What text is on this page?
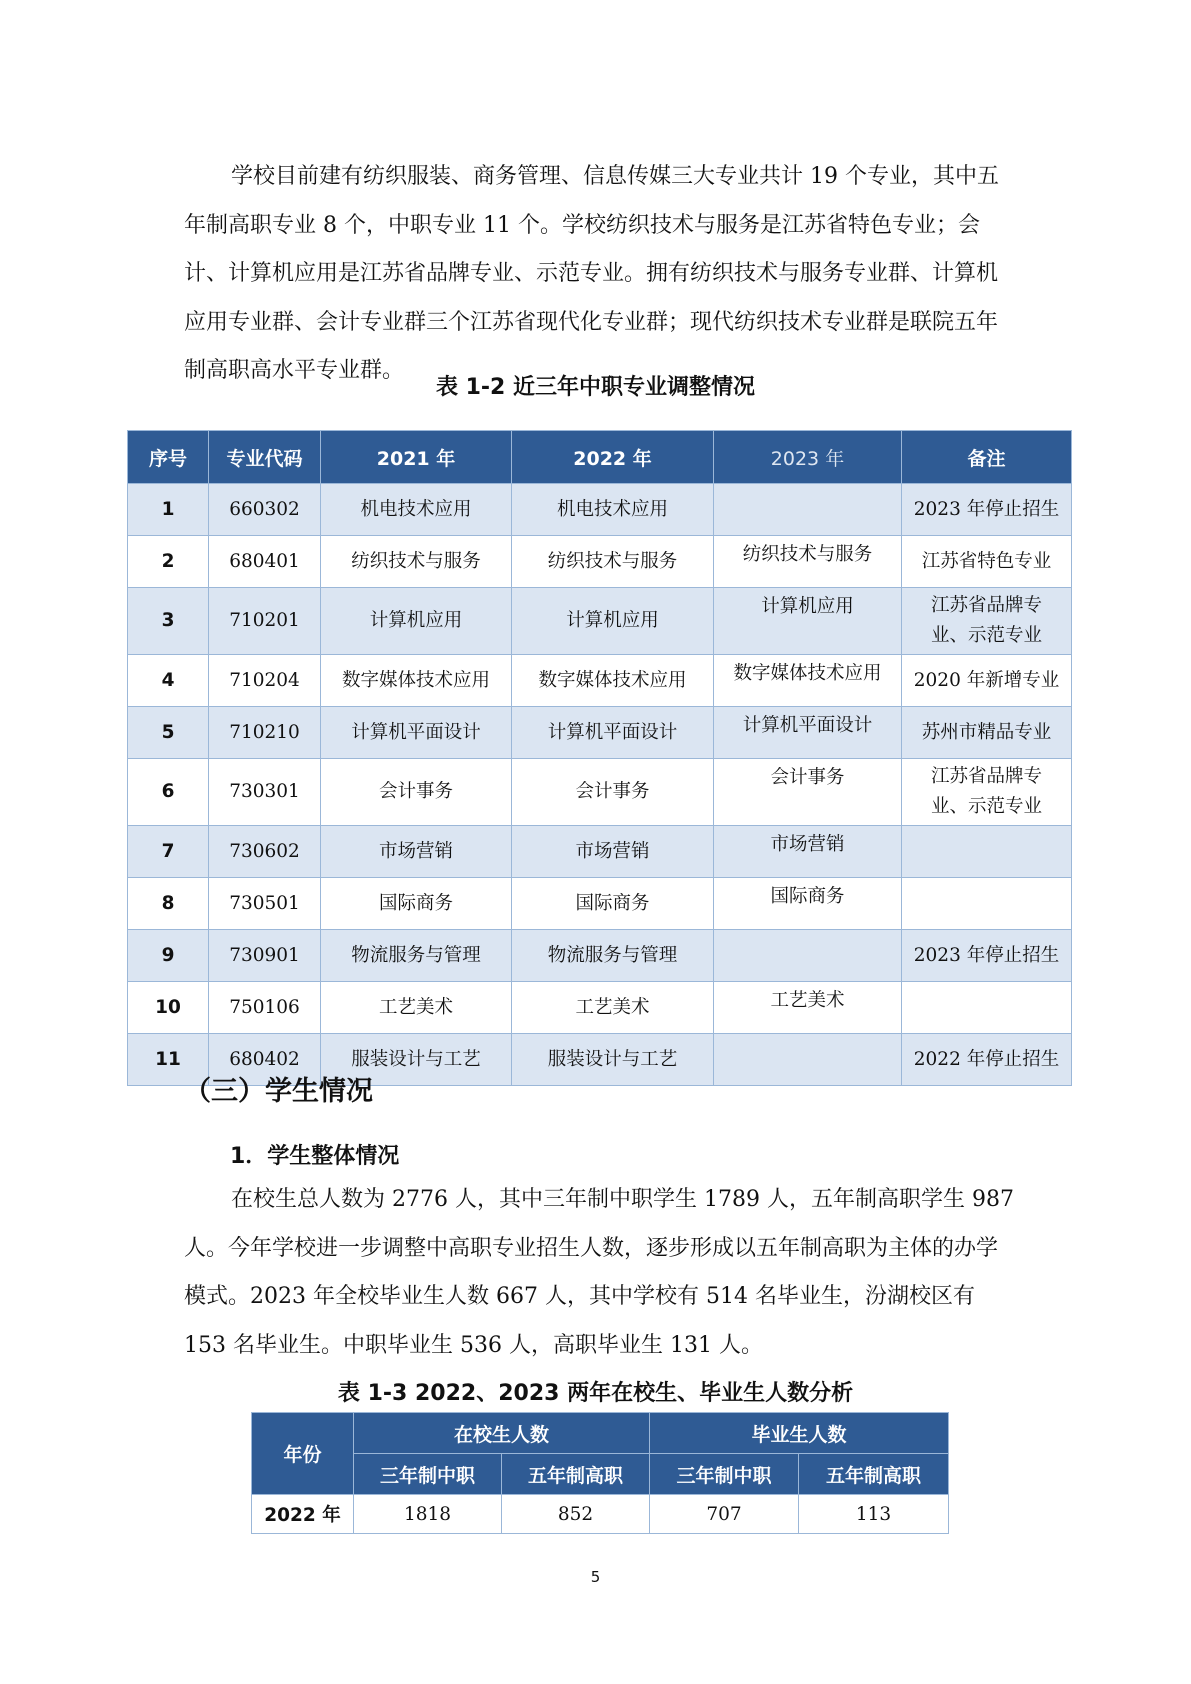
学校目前建有纺织服装、商务管理、信息传媒三大专业共计 19 个专业，其中五年制高职专业 8 个，中职专业 11 个。学校纺织技术与服务是江苏省特色专业；会计、计算机应用是江苏省品牌专业、示范专业。拥有纺织技术与服务专业群、计算机应用专业群、会计专业群三个江苏省现代化专业群；现代纺织技术专业群是联院五年制高职高水平专业群。

表 1-2 近三年中职专业调整情况

序号	专业代码	2021 年	2022 年	2023 年	备注
1	660302	机电技术应用	机电技术应用		2023 年停止招生
2	680401	纺织技术与服务	纺织技术与服务	纺织技术与服务	江苏省特色专业
3	710201	计算机应用	计算机应用	计算机应用	江苏省品牌专业、示范专业
4	710204	数字媒体技术应用	数字媒体技术应用	数字媒体技术应用	2020 年新增专业
5	710210	计算机平面设计	计算机平面设计	计算机平面设计	苏州市精品专业
6	730301	会计事务	会计事务	会计事务	江苏省品牌专业、示范专业
7	730602	市场营销	市场营销	市场营销	
8	730501	国际商务	国际商务	国际商务	
9	730901	物流服务与管理	物流服务与管理		2023 年停止招生
10	750106	工艺美术	工艺美术	工艺美术	
11	680402	服装设计与工艺	服装设计与工艺		2022 年停止招生

（三）学生情况

1．学生整体情况

在校生总人数为 2776 人，其中三年制中职学生 1789 人，五年制高职学生 987 人。今年学校进一步调整中高职专业招生人数，逐步形成以五年制高职为主体的办学模式。2023 年全校毕业生人数 667 人，其中学校有 514 名毕业生，汾湖校区有 153 名毕业生。中职毕业生 536 人，高职毕业生 131 人。

表 1-3 2022、2023 两年在校生、毕业生人数分析

年份	在校生人数		毕业生人数	
	三年制中职	五年制高职	三年制中职	五年制高职
2022 年	1818	852	707	113
5
